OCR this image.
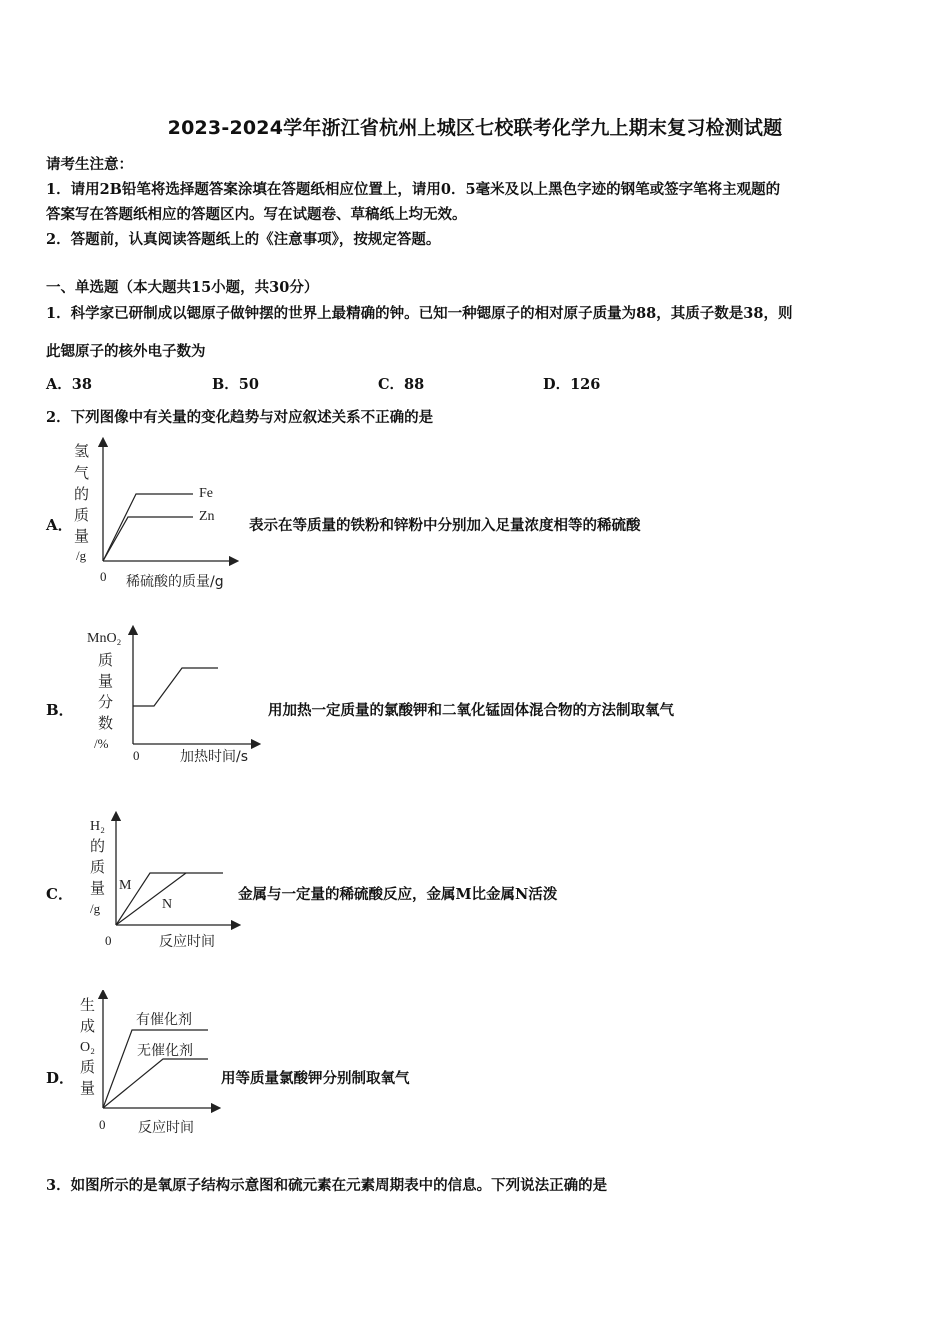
2023-2024学年浙江省杭州上城区七校联考化学九上期末复习检测试题
请考生注意：
1．请用2B铅笔将选择题答案涂填在答题纸相应位置上，请用0．5毫米及以上黑色字迹的钢笔或签字笔将主观题的
答案写在答题纸相应的答题区内。写在试题卷、草稿纸上均无效。
2．答题前，认真阅读答题纸上的《注意事项》，按规定答题。
一、单选题（本大题共15小题，共30分）
1．科学家已研制成以锶原子做钟摆的世界上最精确的钟。已知一种锶原子的相对原子质量为88，其质子数是38，则
此锶原子的核外电子数为
A．38	B．50	C．88	D．126
2．下列图像中有关量的变化趋势与对应叙述关系不正确的是
A．
氢
气
的
质
量
/g
0 稀硫酸的质量/g
Fe
Zn
表示在等质量的铁粉和锌粉中分别加入足量浓度相等的稀硫酸
B．
MnO₂
质
量
分
数
/%
0	加热时间/s
用加热一定质量的氯酸钾和二氧化锰固体混合物的方法制取氧气
C．
H₂
的
质
量
/g
0	反应时间
M
N
金属与一定量的稀硫酸反应，金属M比金属N活泼
D．
生
成
O₂
质
量
0 反应时间
有催化剂
无催化剂
用等质量氯酸钾分别制取氧气
3．如图所示的是氧原子结构示意图和硫元素在元素周期表中的信息。下列说法正确的是
